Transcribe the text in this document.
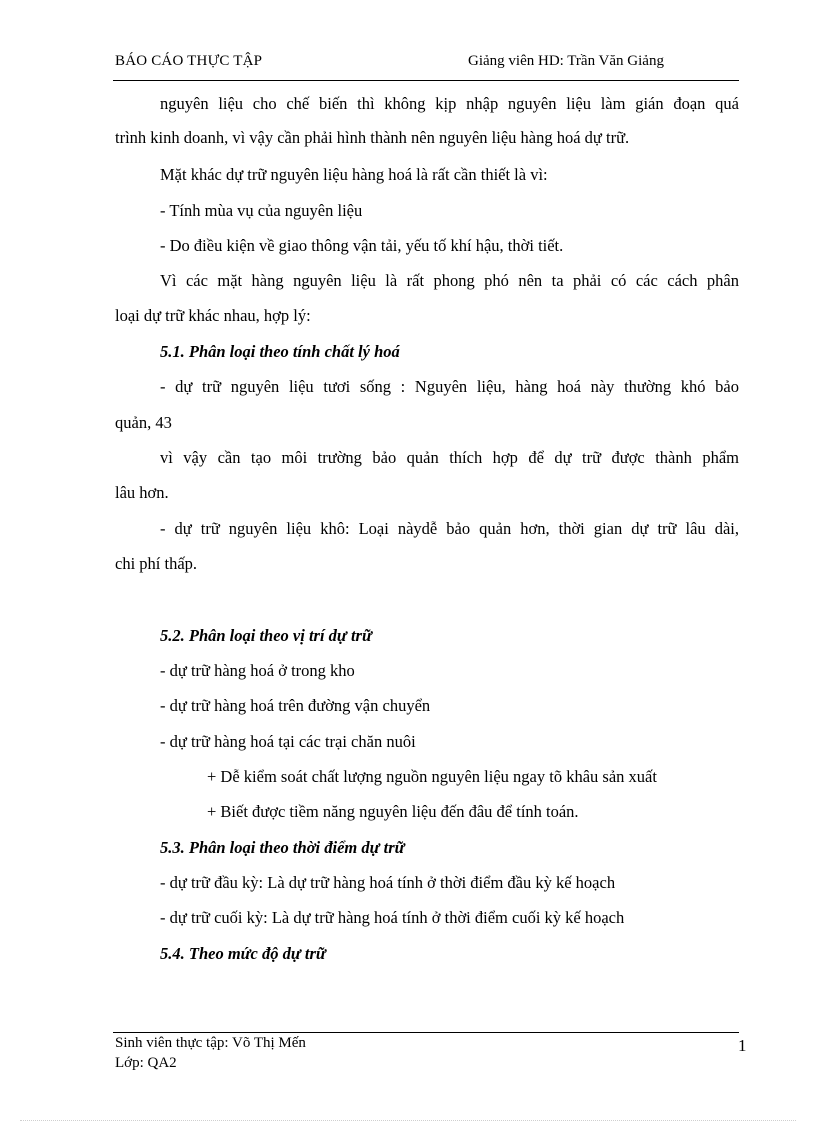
BÁO CÁO THỰC TẬP	Giảng viên HD: Trần Văn Giảng
nguyên liệu cho chế biến thì không kịp nhập nguyên liệu làm gián đoạn quá
trình kinh doanh, vì vậy cần phải hình thành nên nguyên liệu hàng hoá dự trữ.
Mặt khác dự trữ nguyên liệu hàng hoá là rất cần thiết là vì:
- Tính mùa vụ của nguyên liệu
- Do điều kiện về giao thông vận tải, yếu tố khí hậu, thời tiết.
Vì các mặt hàng nguyên liệu là rất phong phó nên ta phải có các cách phân
loại dự trữ khác nhau, hợp lý:
5.1. Phân loại theo tính chất lý hoá
- dự trữ nguyên liệu tươi sống : Nguyên liệu, hàng hoá này thường khó bảo
quản, 43
vì vậy cần tạo môi trường bảo quản thích hợp để dự trữ được thành phẩm
lâu hơn.
- dự trữ nguyên liệu khô: Loại nàydễ bảo quản hơn, thời gian dự trữ lâu dài,
chi phí thấp.
5.2. Phân loại theo vị trí dự trữ
- dự trữ hàng hoá ở trong kho
- dự trữ hàng hoá trên đường vận chuyển
- dự trữ hàng hoá tại các trại chăn nuôi
+ Dễ kiểm soát chất lượng nguồn nguyên liệu ngay tõ khâu sản xuất
+ Biết được tiềm năng nguyên liệu đến đâu để tính toán.
5.3. Phân loại theo thời điểm dự trữ
- dự trữ đầu kỳ: Là dự trữ hàng hoá tính ở thời điểm đầu kỳ kế hoạch
- dự trữ cuối kỳ: Là dự trữ hàng hoá tính ở thời điểm cuối kỳ kế hoạch
5.4. Theo mức độ dự trữ
Sinh viên thực tập: Võ Thị Mến
Lớp: QA2
1
